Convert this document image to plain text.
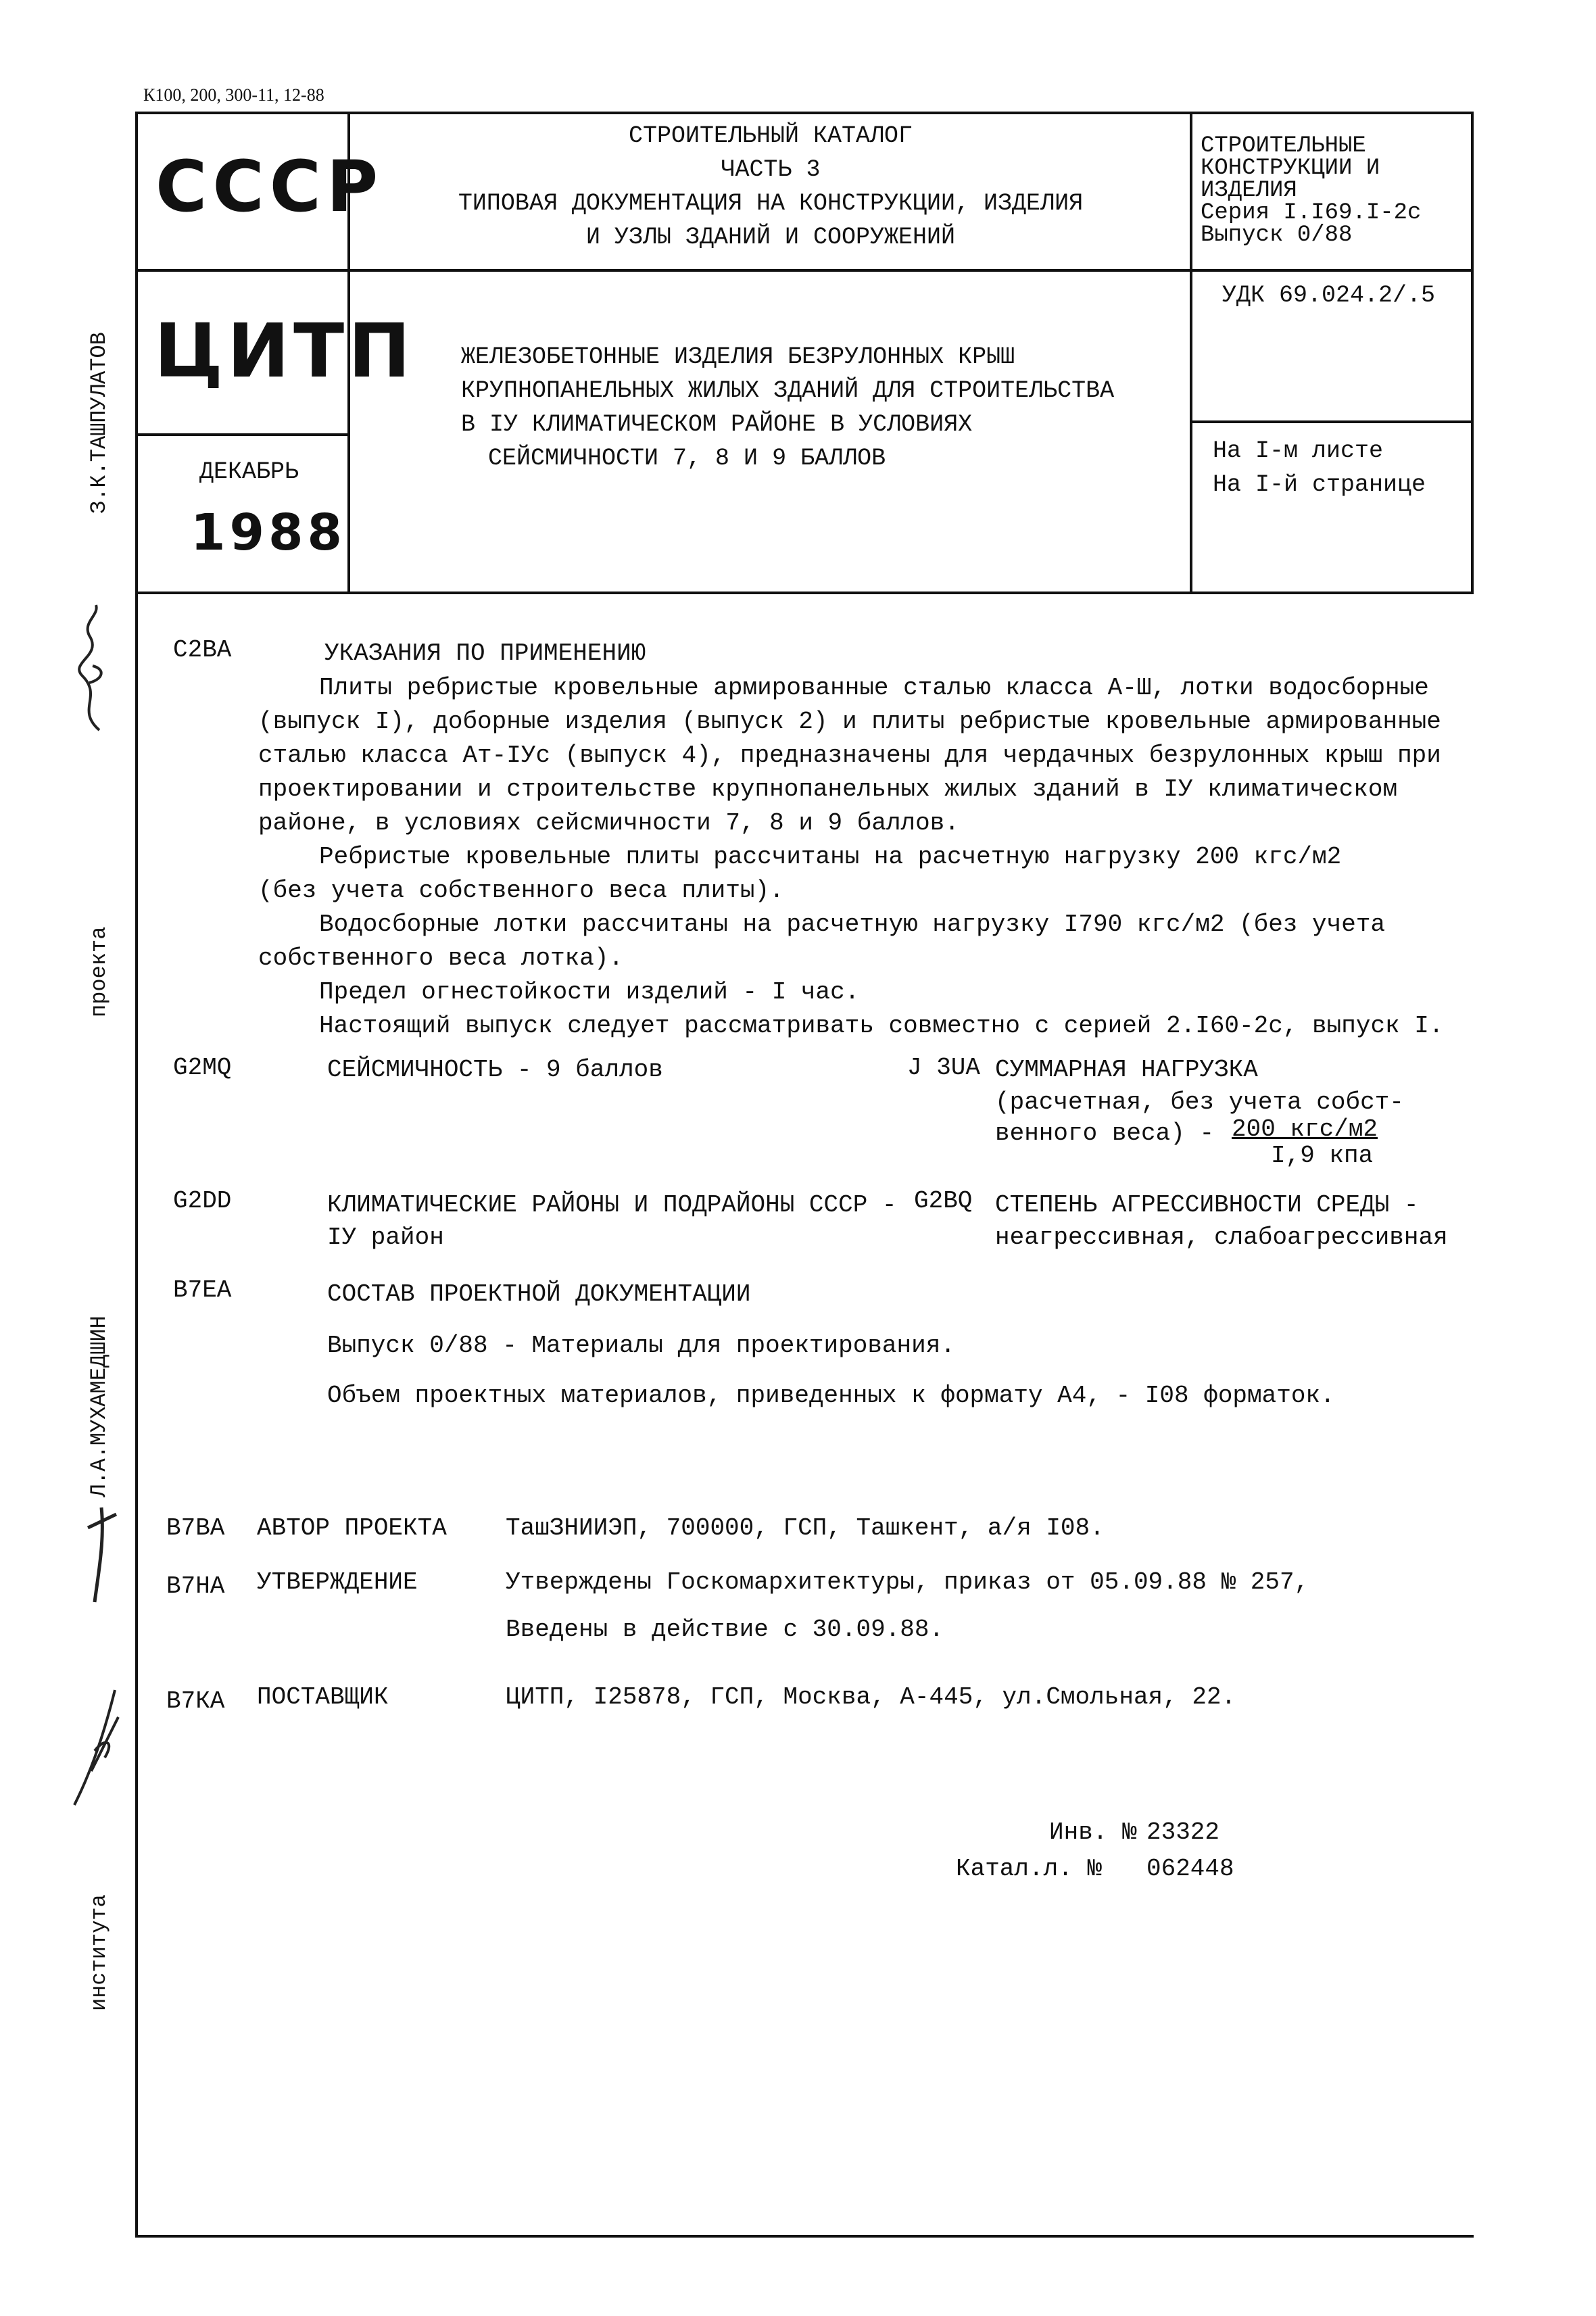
К100, 200, 300-11, 12-88
СССР
ЦИТП
ДЕКАБРЬ
1988
СТРОИТЕЛЬНЫЙ КАТАЛОГ
ЧАСТЬ 3
ТИПОВАЯ ДОКУМЕНТАЦИЯ НА КОНСТРУКЦИИ, ИЗДЕЛИЯ
И УЗЛЫ ЗДАНИЙ И СООРУЖЕНИЙ
СТРОИТЕЛЬНЫЕ
КОНСТРУКЦИИ И
ИЗДЕЛИЯ
Серия I.I69.I-2с
Выпуск 0/88
УДК 69.024.2/.5
ЖЕЛЕЗОБЕТОННЫЕ ИЗДЕЛИЯ БЕЗРУЛОННЫХ КРЫШ
КРУПНОПАНЕЛЬНЫХ ЖИЛЫХ ЗДАНИЙ ДЛЯ СТРОИТЕЛЬСТВА
В IУ КЛИМАТИЧЕСКОМ РАЙОНЕ В УСЛОВИЯХ
СЕЙСМИЧНОСТИ 7, 8 И 9 БАЛЛОВ	На I-м листе
На I-й странице
З.К.ТАШПУЛАТОВ
проекта
Л.А.МУХАМЕДШИН
института
С2ВА	УКАЗАНИЯ ПО ПРИМЕНЕНИЮ
Плиты ребристые кровельные армированные сталью класса А-Ш, лотки водосборные
(выпуск I), доборные изделия (выпуск 2) и плиты ребристые кровельные армированные
сталью класса Ат-IУс (выпуск 4), предназначены для чердачных безрулонных крыш при
проектировании и строительстве крупнопанельных жилых зданий в IУ климатическом
районе, в условиях сейсмичности 7, 8 и 9 баллов.
Ребристые кровельные плиты рассчитаны на расчетную нагрузку 200 кгс/м2
(без учета собственного веса плиты).
Водосборные лотки рассчитаны на расчетную нагрузку I790 кгс/м2 (без учета
собственного веса лотка).
Предел огнестойкости изделий - I час.
Настоящий выпуск следует рассматривать совместно с серией 2.I60-2с, выпуск I.
G2MQ	СЕЙСМИЧНОСТЬ - 9 баллов	J 3UA СУММАРНАЯ НАГРУЗКА
(расчетная, без учета собст-
венного веса) - 200 кгс/м2
I,9 кпа
G2DD	КЛИМАТИЧЕСКИЕ РАЙОНЫ И ПОДРАЙОНЫ СССР -
IУ район
G2BQ СТЕПЕНЬ АГРЕССИВНОСТИ СРЕДЫ -
неагрессивная, слабоагрессивная
В7ЕА	СОСТАВ ПРОЕКТНОЙ ДОКУМЕНТАЦИИ
Выпуск 0/88 - Материалы для проектирования.
Объем проектных материалов, приведенных к формату А4, - I08 форматок.
В7ВА АВТОР ПРОЕКТА ТашЗНИИЭП, 700000, ГСП, Ташкент, а/я I08.
В7НА УТВЕРЖДЕНИЕ	Утверждены Госкомархитектуры, приказ от 05.09.88 № 257,
Введены в действие с 30.09.88.
В7КА ПОСТАВЩИК	ЦИТП, I25878, ГСП, Москва, А-445, ул.Смольная, 22.
Инв. № 23322
Катал.л. № 062448
